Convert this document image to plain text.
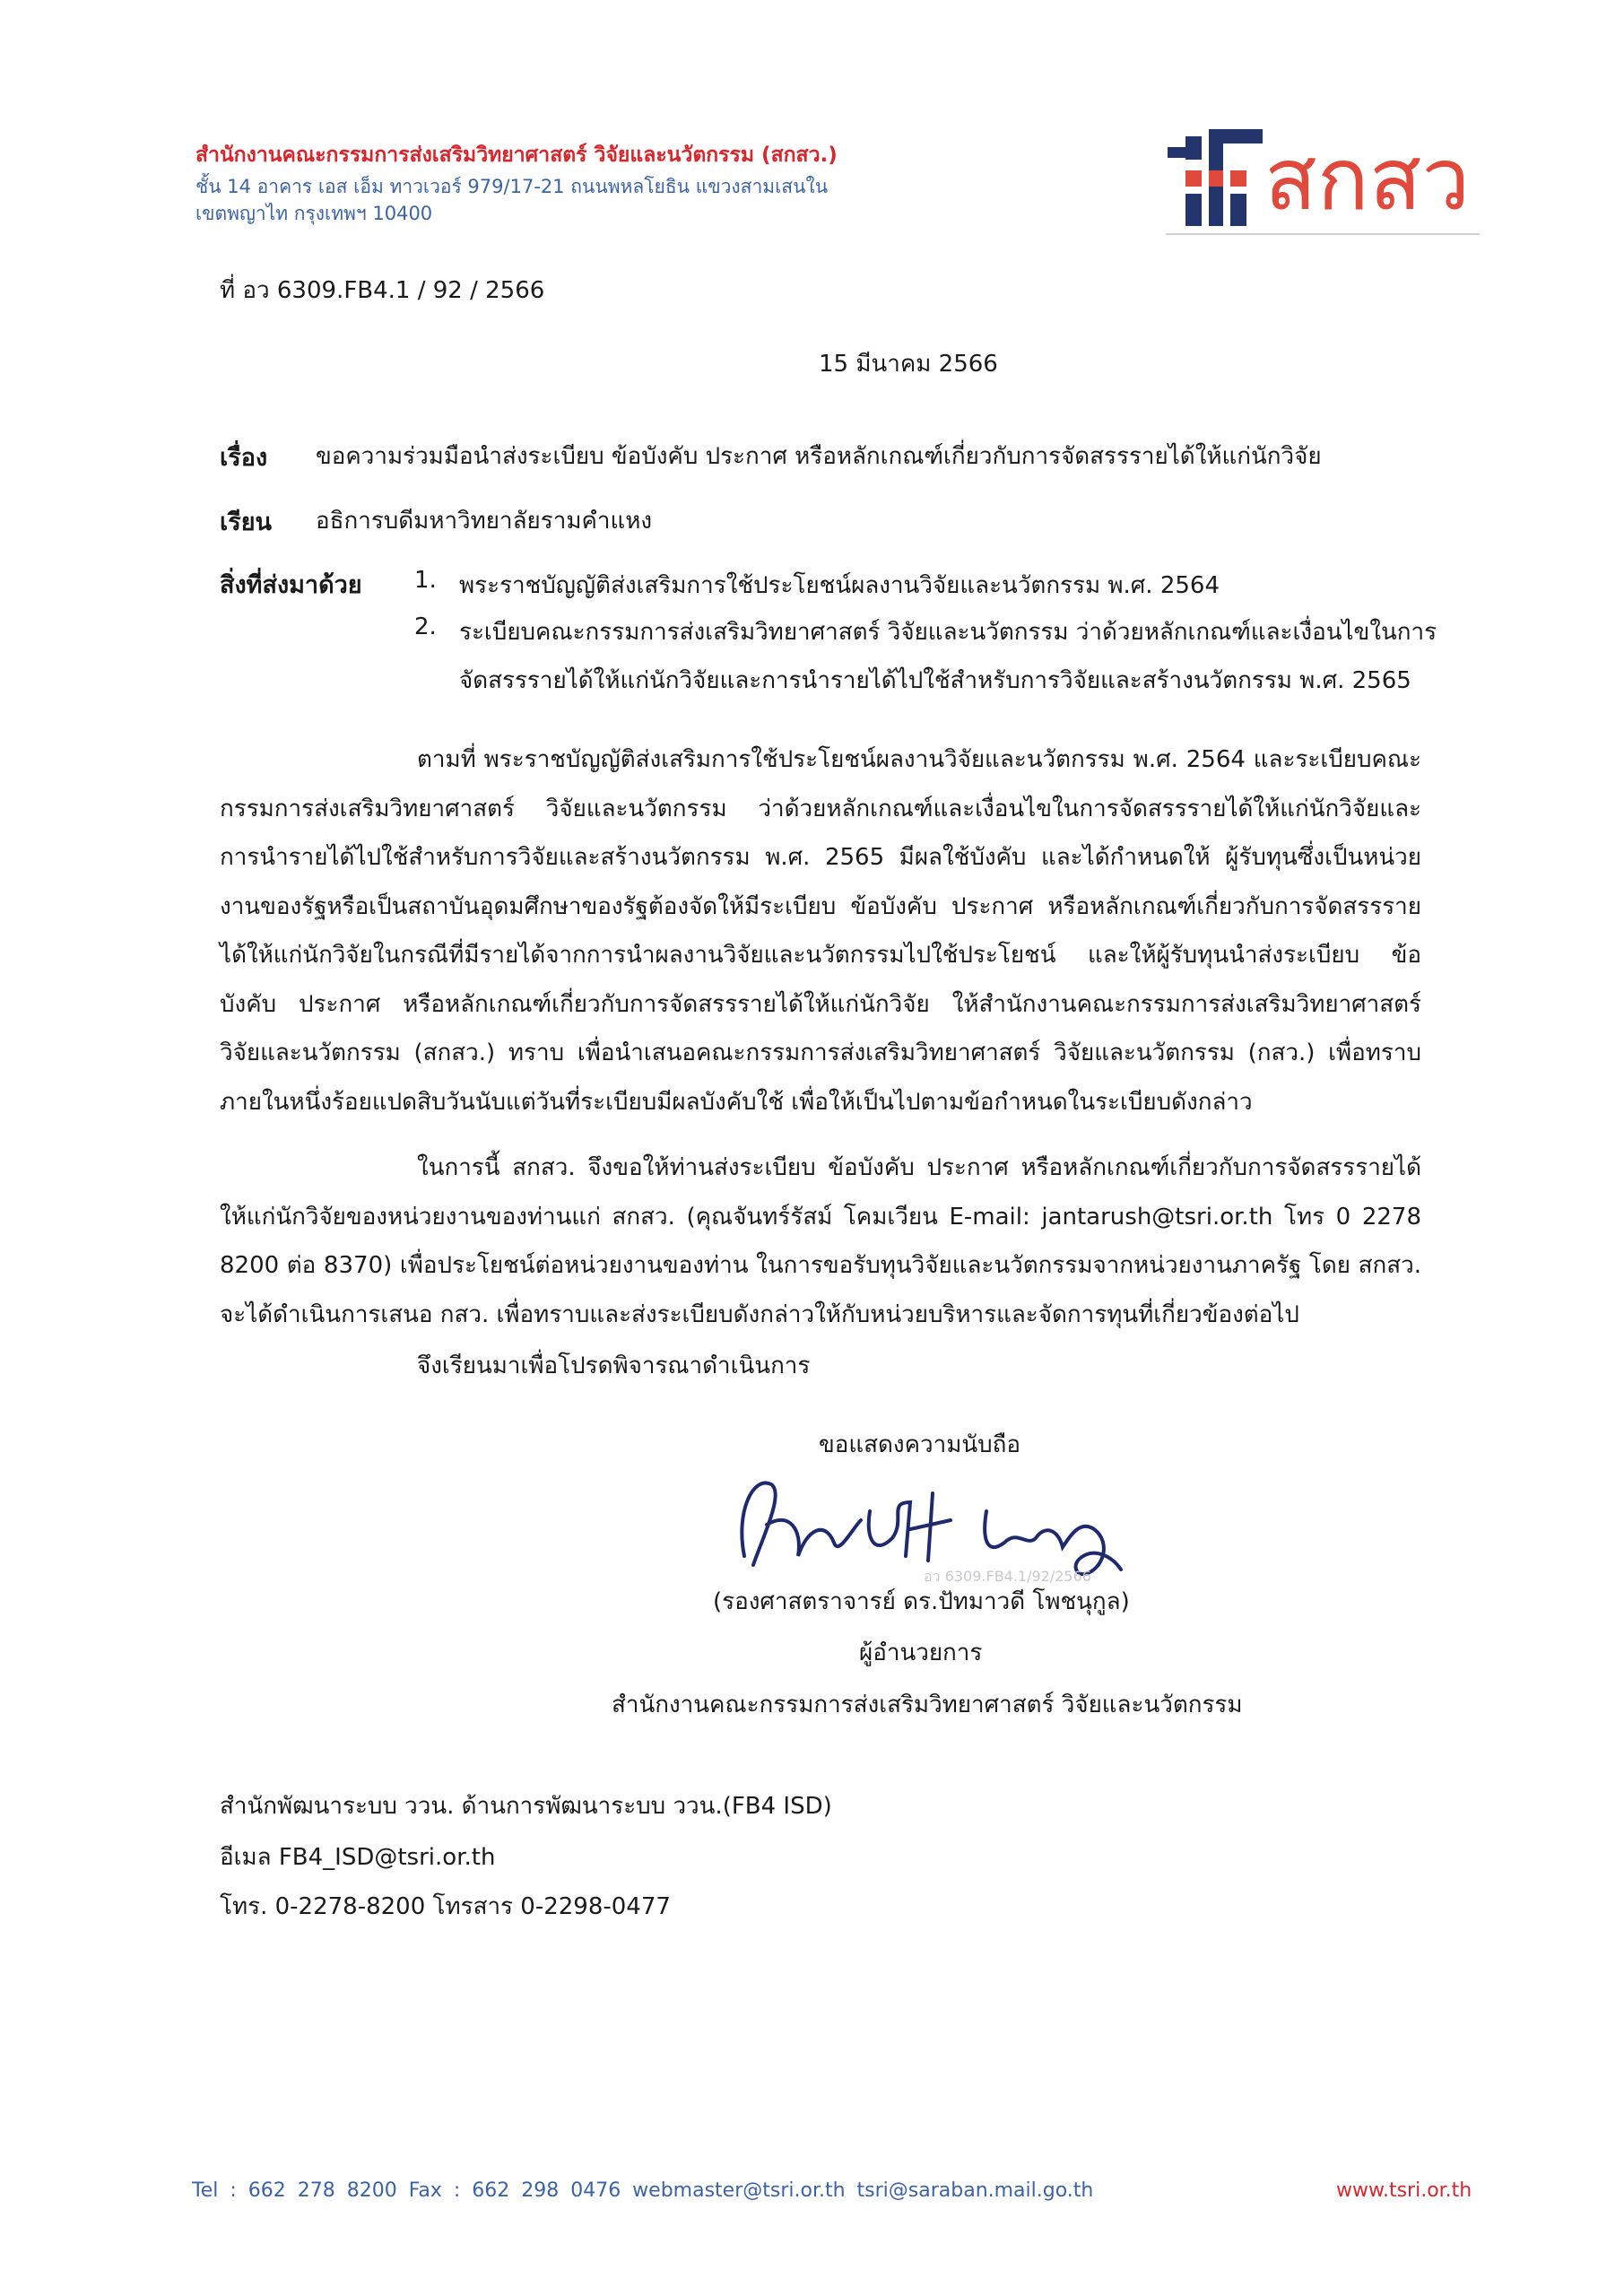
สำนักงานคณะกรรมการส่งเสริมวิทยาศาสตร์ วิจัยและนวัตกรรม (สกสว.)
ชั้น 14 อาคาร เอส เอ็ม ทาวเวอร์ 979/17-21 ถนนพหลโยธิน แขวงสามเสนใน
เขตพญาไท กรุงเทพฯ 10400	สกสว
ที่ อว 6309.FB4.1 / 92 / 2566
15 มีนาคม 2566
เรื่อง ขอความร่วมมือนำส่งระเบียบ ข้อบังคับ ประกาศ หรือหลักเกณฑ์เกี่ยวกับการจัดสรรรายได้ให้แก่นักวิจัย
เรียน อธิการบดีมหาวิทยาลัยรามคำแหง
สิ่งที่ส่งมาด้วย 1. พระราชบัญญัติส่งเสริมการใช้ประโยชน์ผลงานวิจัยและนวัตกรรม พ.ศ. 2564
2. ระเบียบคณะกรรมการส่งเสริมวิทยาศาสตร์ วิจัยและนวัตกรรม ว่าด้วยหลักเกณฑ์และเงื่อนไขในการ
จัดสรรรายได้ให้แก่นักวิจัยและการนำรายได้ไปใช้สำหรับการวิจัยและสร้างนวัตกรรม พ.ศ. 2565
ตามที่ พระราชบัญญัติส่งเสริมการใช้ประโยชน์ผลงานวิจัยและนวัตกรรม พ.ศ. 2564 และระเบียบคณะกรรมการส่งเสริมวิทยาศาสตร์ วิจัยและนวัตกรรม ว่าด้วยหลักเกณฑ์และเงื่อนไขในการจัดสรรรายได้ให้แก่นักวิจัยและการนำรายได้ไปใช้สำหรับการวิจัยและสร้างนวัตกรรม พ.ศ. 2565 มีผลใช้บังคับ และได้กำหนดให้ ผู้รับทุนซึ่งเป็นหน่วยงานของรัฐหรือเป็นสถาบันอุดมศึกษาของรัฐต้องจัดให้มีระเบียบ ข้อบังคับ ประกาศ หรือหลักเกณฑ์เกี่ยวกับการจัดสรรรายได้ให้แก่นักวิจัยในกรณีที่มีรายได้จากการนำผลงานวิจัยและนวัตกรรมไปใช้ประโยชน์ และให้ผู้รับทุนนำส่งระเบียบ ข้อบังคับ ประกาศ หรือหลักเกณฑ์เกี่ยวกับการจัดสรรรายได้ให้แก่นักวิจัย ให้สำนักงานคณะกรรมการส่งเสริมวิทยาศาสตร์ วิจัยและนวัตกรรม (สกสว.) ทราบ เพื่อนำเสนอคณะกรรมการส่งเสริมวิทยาศาสตร์ วิจัยและนวัตกรรม (กสว.) เพื่อทราบ ภายในหนึ่งร้อยแปดสิบวันนับแต่วันที่ระเบียบมีผลบังคับใช้ เพื่อให้เป็นไปตามข้อกำหนดในระเบียบดังกล่าว
ในการนี้ สกสว. จึงขอให้ท่านส่งระเบียบ ข้อบังคับ ประกาศ หรือหลักเกณฑ์เกี่ยวกับการจัดสรรรายได้ให้แก่นักวิจัยของหน่วยงานของท่านแก่ สกสว. (คุณจันทร์รัสม์ โคมเวียน E-mail: jantarush@tsri.or.th โทร 0 2278 8200 ต่อ 8370) เพื่อประโยชน์ต่อหน่วยงานของท่าน ในการขอรับทุนวิจัยและนวัตกรรมจากหน่วยงานภาครัฐ โดย สกสว. จะได้ดำเนินการเสนอ กสว. เพื่อทราบและส่งระเบียบดังกล่าวให้กับหน่วยบริหารและจัดการทุนที่เกี่ยวข้องต่อไป
จึงเรียนมาเพื่อโปรดพิจารณาดำเนินการ
ขอแสดงความนับถือ
อว 6309.FB4.1/92/2566
(รองศาสตราจารย์ ดร.ปัทมาวดี โพชนุกูล)
ผู้อำนวยการ
สำนักงานคณะกรรมการส่งเสริมวิทยาศาสตร์ วิจัยและนวัตกรรม
สำนักพัฒนาระบบ ววน. ด้านการพัฒนาระบบ ววน.(FB4 ISD)
อีเมล FB4_ISD@tsri.or.th
โทร. 0-2278-8200 โทรสาร 0-2298-0477
Tel : 662 278 8200 Fax : 662 298 0476 webmaster@tsri.or.th tsri@saraban.mail.go.th	www.tsri.or.th
